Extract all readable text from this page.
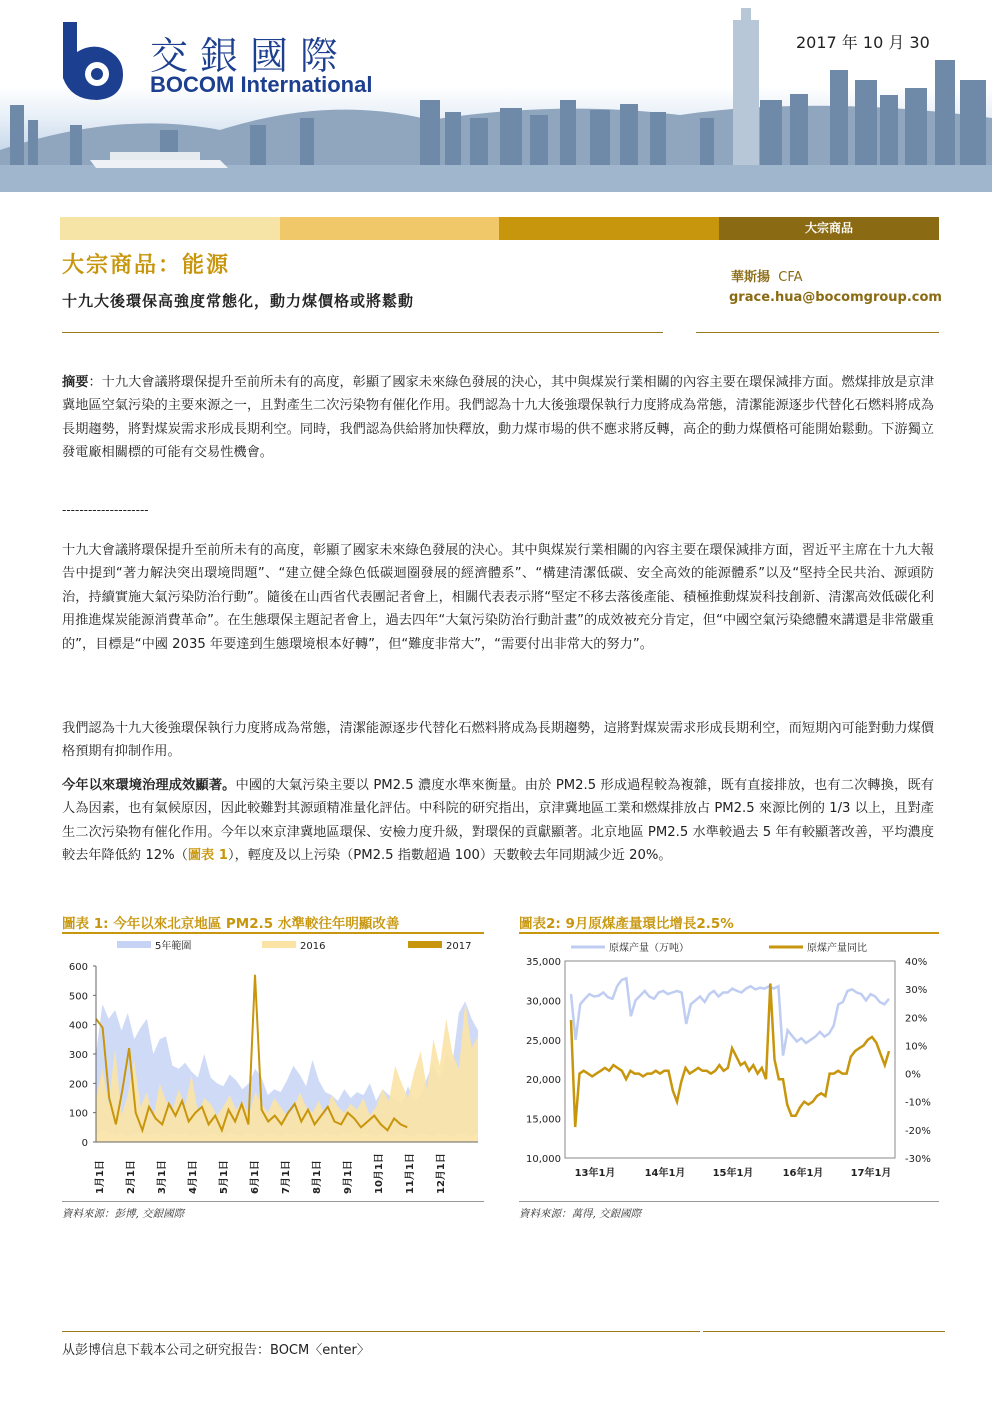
交銀國際
BOCOM International
2017 年 10 月 30
大宗商品
大宗商品：能源
十九大後環保高強度常態化，動力煤價格或將鬆動
華斯揚 CFA
grace.hua@bocomgroup.com
摘要：十九大會議將環保提升至前所未有的高度，彰顯了國家未來綠色發展的決心，其中與煤炭行業相關的內容主要在環保減排方面。燃煤排放是京津冀地區空氣污染的主要來源之一，且對產生二次污染物有催化作用。我們認為十九大後強環保執行力度將成為常態，清潔能源逐步代替化石燃料將成為長期趨勢，將對煤炭需求形成長期利空。同時，我們認為供給將加快釋放，動力煤市場的供不應求將反轉，高企的動力煤價格可能開始鬆動。下游獨立發電廠相關標的可能有交易性機會。
--------------------
十九大會議將環保提升至前所未有的高度，彰顯了國家未來綠色發展的決心。其中與煤炭行業相關的內容主要在環保減排方面，習近平主席在十九大報告中提到“著力解決突出環境問題”、“建立健全綠色低碳迴圈發展的經濟體系”、“構建清潔低碳、安全高效的能源體系”以及“堅持全民共治、源頭防治，持續實施大氣污染防治行動”。隨後在山西省代表團記者會上，相關代表表示將“堅定不移去落後產能、積極推動煤炭科技創新、清潔高效低碳化利用推進煤炭能源消費革命”。在生態環保主題記者會上，過去四年“大氣污染防治行動計畫”的成效被充分肯定，但“中國空氣污染總體來講還是非常嚴重的”，目標是“中國 2035 年要達到生態環境根本好轉”，但“難度非常大”，“需要付出非常大的努力”。
我們認為十九大後強環保執行力度將成為常態，清潔能源逐步代替化石燃料將成為長期趨勢，這將對煤炭需求形成長期利空，而短期內可能對動力煤價格預期有抑制作用。
今年以來環境治理成效顯著。中國的大氣污染主要以 PM2.5 濃度水準來衡量。由於 PM2.5 形成過程較為複雜，既有直接排放，也有二次轉換，既有人為因素，也有氣候原因，因此較難對其源頭精准量化評估。中科院的研究指出，京津冀地區工業和燃煤排放占 PM2.5 來源比例的 1/3 以上，且對產生二次污染物有催化作用。今年以來京津冀地區環保、安檢力度升級，對環保的貢獻顯著。北京地區 PM2.5 水準較過去 5 年有較顯著改善，平均濃度較去年降低約 12%（圖表 1），輕度及以上污染（PM2.5 指數超過 100）天數較去年同期減少近 20%。
圖表 1: 今年以來北京地區 PM2.5 水準較往年明顯改善
5年範圍	2016	2017
600
500
400
300
200
100
0
1月1日 2月1日 3月1日 4月1日 5月1日 6月1日 7月1日 8月1日 9月1日 10月1日 11月1日 12月1日
資料來源：彭博, 交銀國際
圖表2: 9月原煤產量環比增長2.5%
原煤产量（万吨）	原煤产量同比
35,000
30,000
25,000
20,000
15,000
10,000
40%
30%
20%
10%
0%
-10%
-20%
-30%
13年1月	14年1月	15年1月	16年1月	17年1月
資料來源：萬得, 交銀國際
从彭博信息下载本公司之研究报告：BOCM〈enter〉
